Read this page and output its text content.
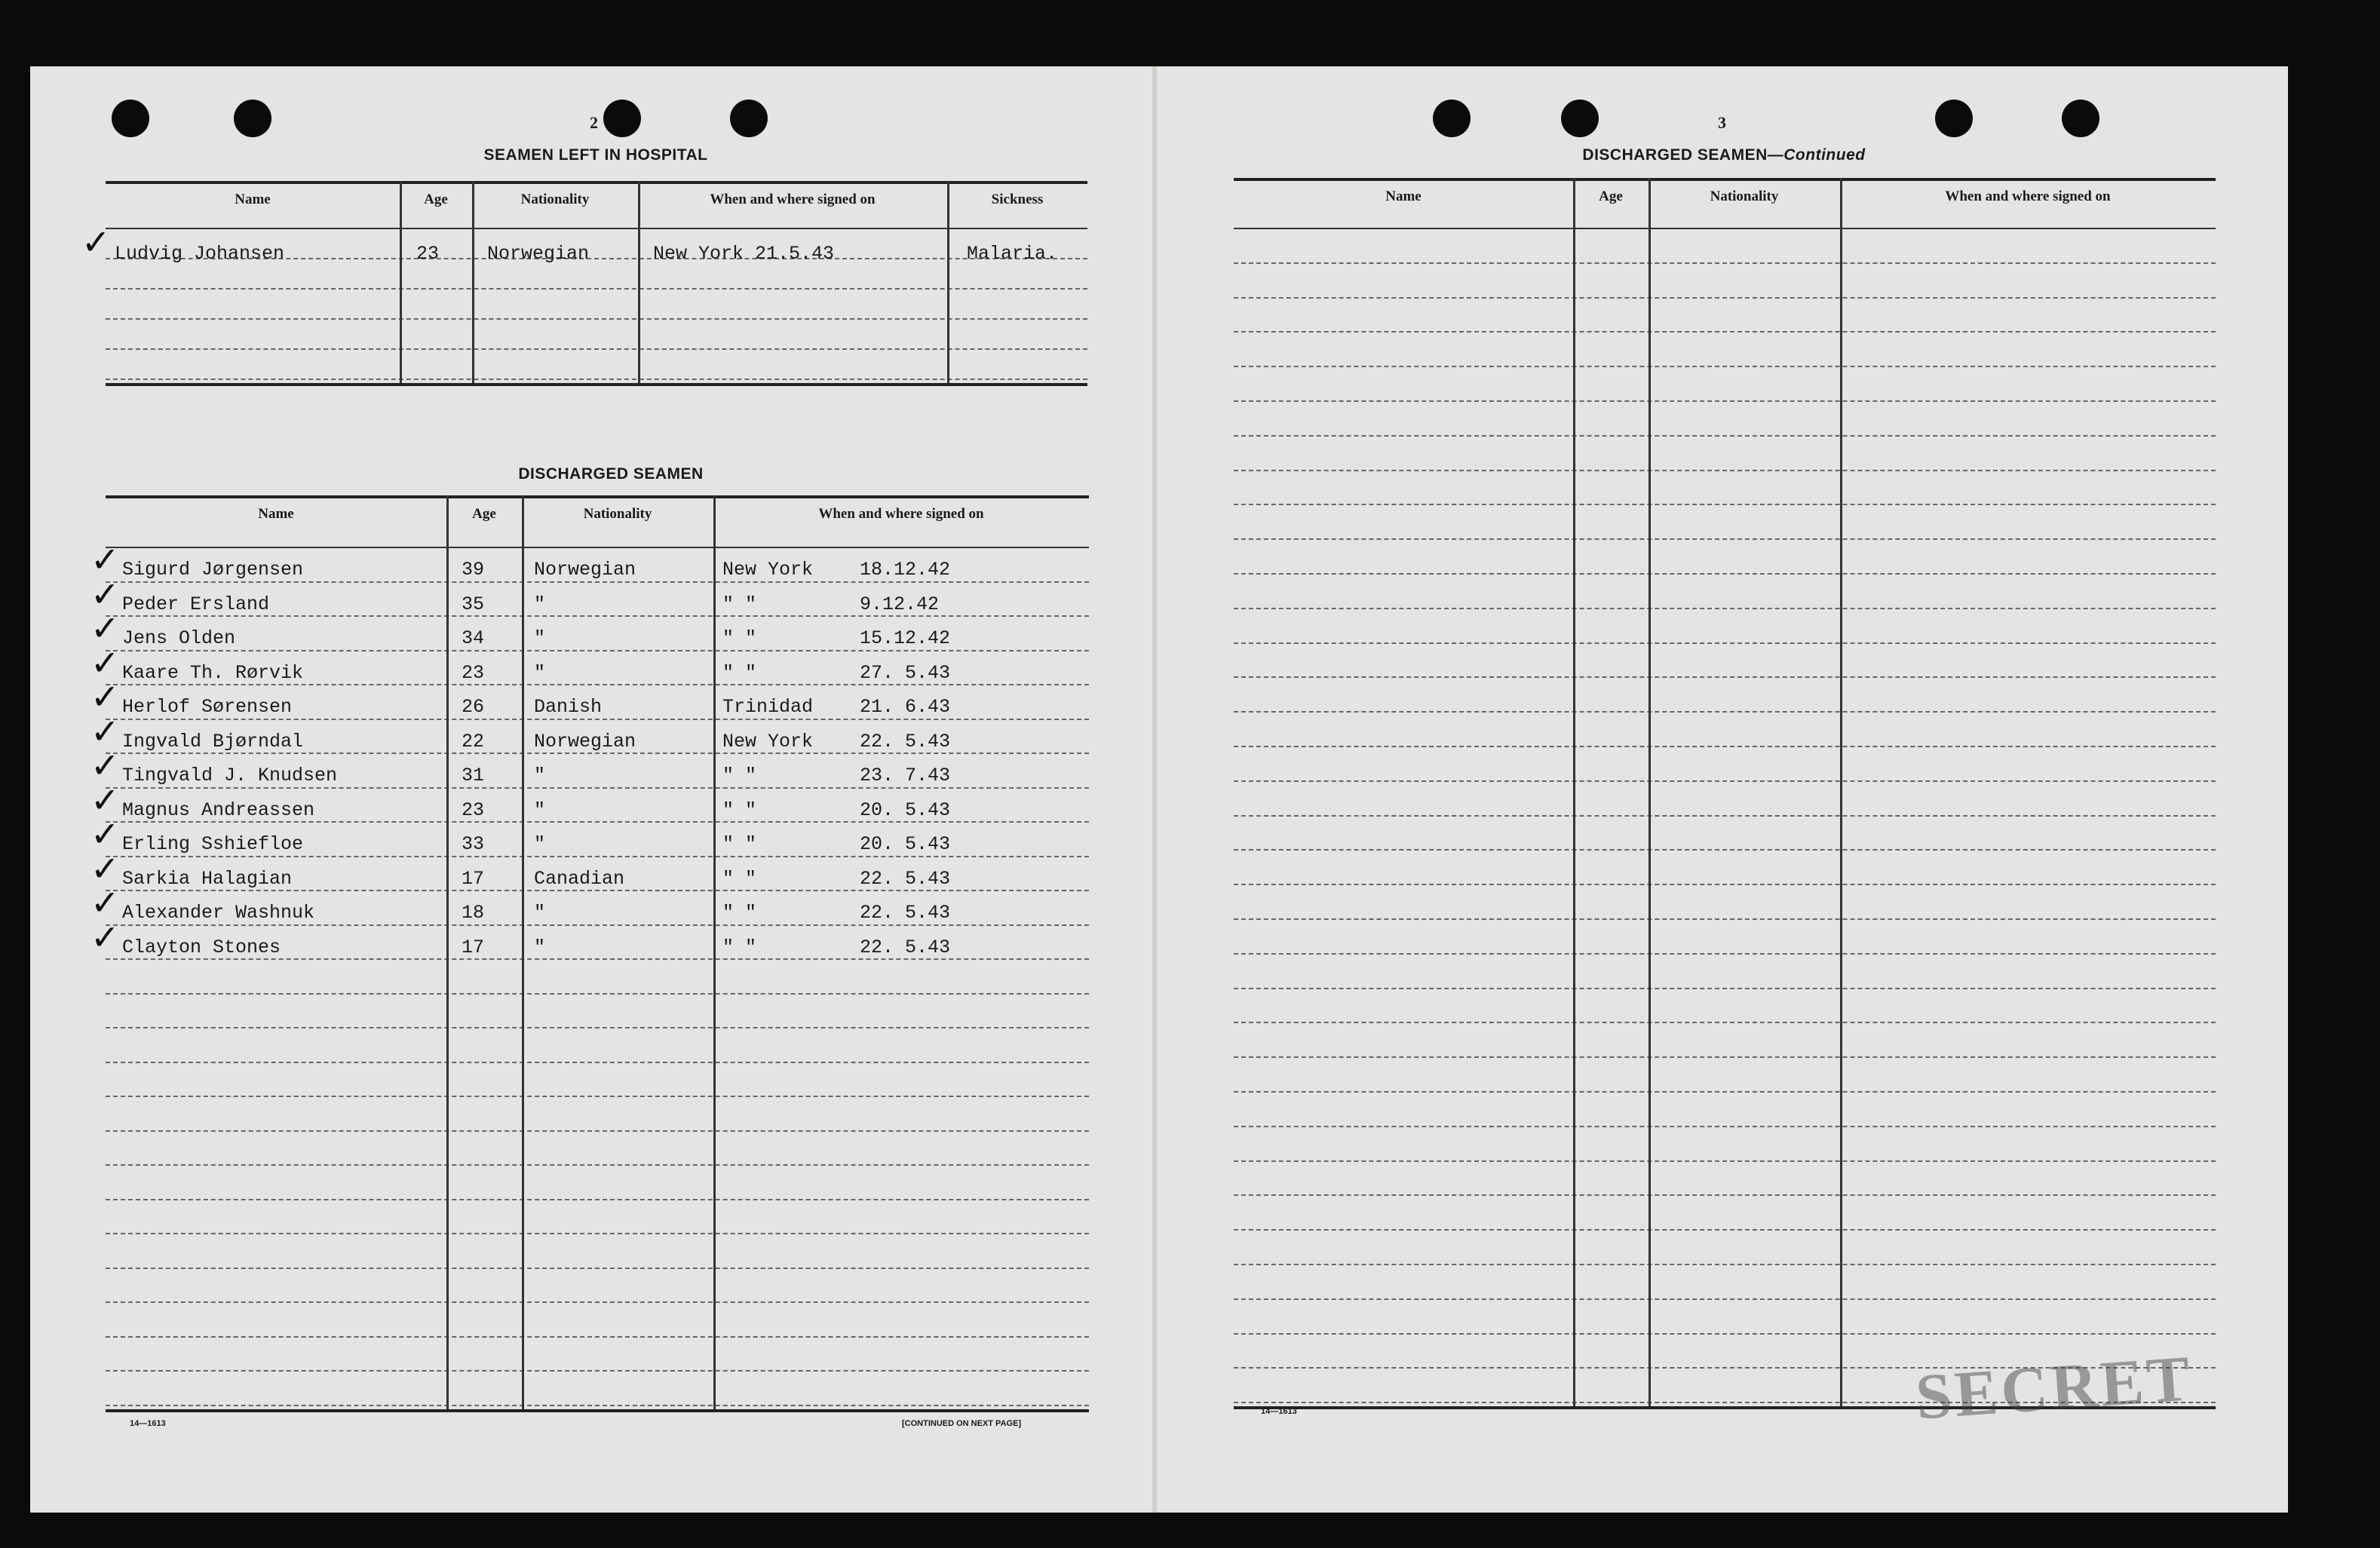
2
SEAMEN LEFT IN HOSPITAL
Name	Age	Nationality	When and where signed on	Sickness
✓ Ludvig Johansen	23	Norwegian	New York 21.5.43	Malaria.
DISCHARGED SEAMEN
Name	Age	Nationality	When and where signed on
✓ Sigurd Jørgensen	39	Norwegian	New York 18.12.42
✓ Peder Ersland	35	"	" "	9.12.42
✓ Jens Olden	34	"	" "	15.12.42
✓ Kaare Th. Rørvik	23	"	" "	27. 5.43
✓ Herlof Sørensen	26	Danish	Trinidad 21. 6.43
✓ Ingvald Bjørndal	22	Norwegian	New York 22. 5.43
✓ Tingvald J. Knudsen	31	"	" "	23. 7.43
✓ Magnus Andreassen	23	"	" "	20. 5.43
✓ Erling Sshiefloe	33	"	" "	20. 5.43
✓ Sarkia Halagian	17	Canadian	" "	22. 5.43
✓ Alexander Washnuk	18	"	" "	22. 5.43
✓ Clayton Stones	17	"	" "	22. 5.43
14—1613	[CONTINUED ON NEXT PAGE]
3
DISCHARGED SEAMEN—Continued
Name	Age	Nationality	When and where signed on
14—1613	SECRET
